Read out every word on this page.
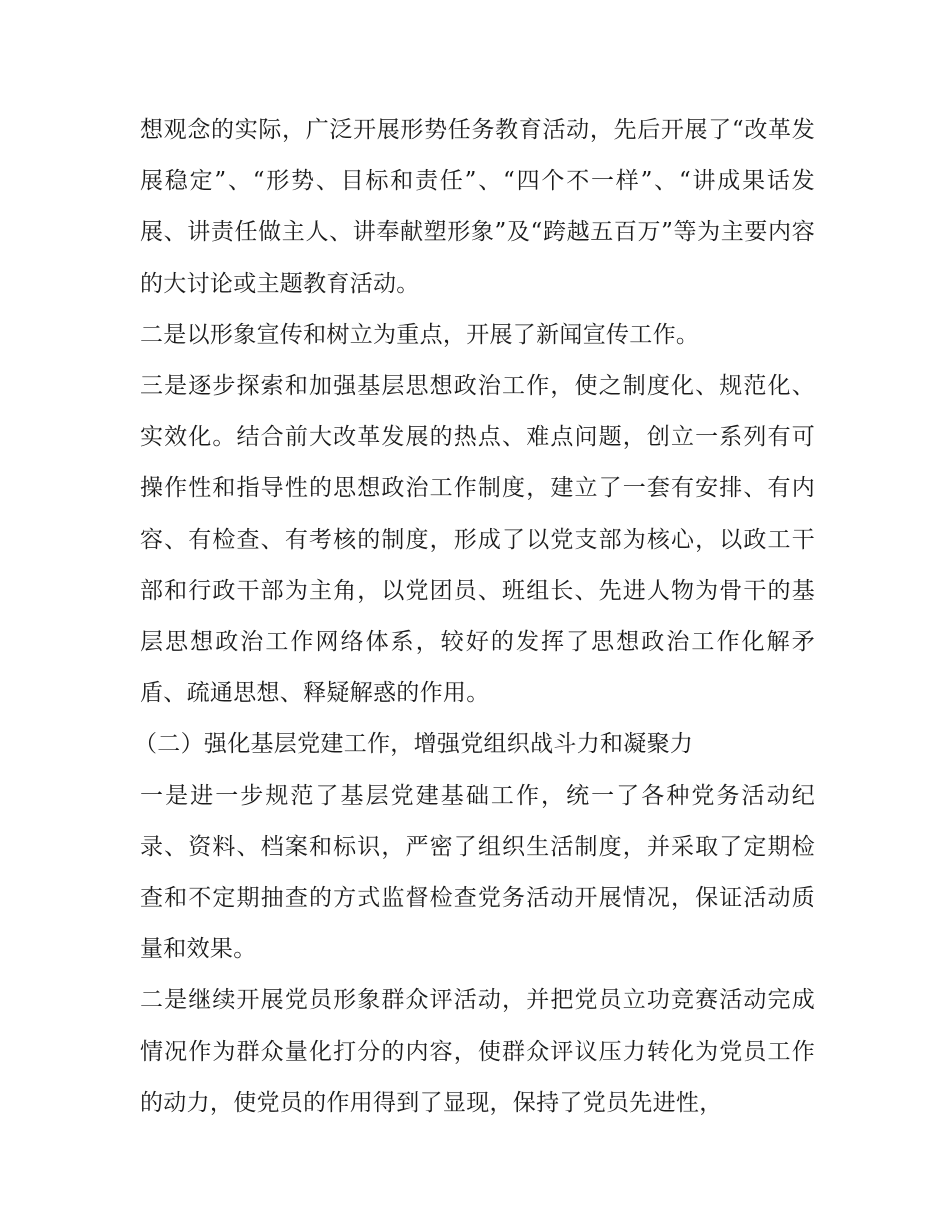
想观念的实际，广泛开展形势任务教育活动，先后开展了“改革发展稳定”、“形势、目标和责任”、“四个不一样”、“讲成果话发展、讲责任做主人、讲奉献塑形象”及“跨越五百万”等为主要内容的大讨论或主题教育活动。

二是以形象宣传和树立为重点，开展了新闻宣传工作。

三是逐步探索和加强基层思想政治工作，使之制度化、规范化、实效化。结合前大改革发展的热点、难点问题，创立一系列有可操作性和指导性的思想政治工作制度，建立了一套有安排、有内容、有检查、有考核的制度，形成了以党支部为核心，以政工干部和行政干部为主角，以党团员、班组长、先进人物为骨干的基层思想政治工作网络体系，较好的发挥了思想政治工作化解矛盾、疏通思想、释疑解惑的作用。

（二）强化基层党建工作，增强党组织战斗力和凝聚力

一是进一步规范了基层党建基础工作，统一了各种党务活动纪录、资料、档案和标识，严密了组织生活制度，并采取了定期检查和不定期抽查的方式监督检查党务活动开展情况，保证活动质量和效果。

二是继续开展党员形象群众评活动，并把党员立功竞赛活动完成情况作为群众量化打分的内容，使群众评议压力转化为党员工作的动力，使党员的作用得到了显现，保持了党员先进性，
